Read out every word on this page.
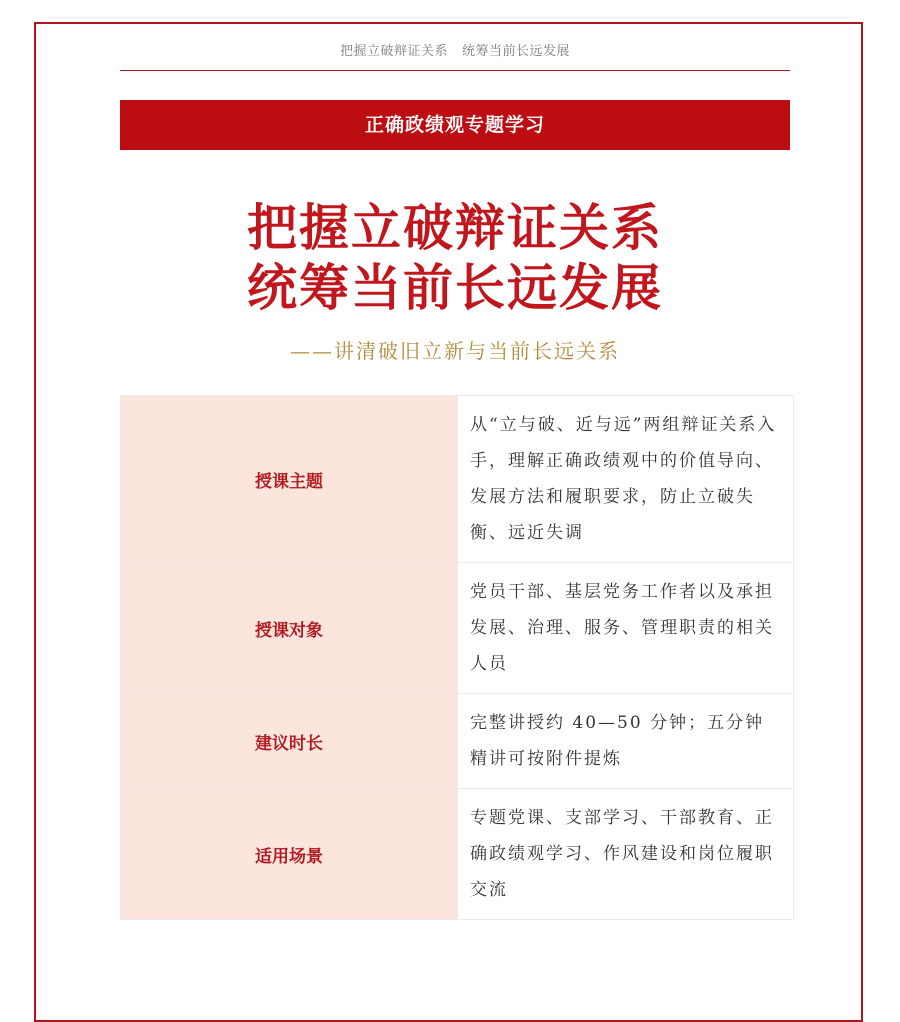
把握立破辩证关系 统筹当前长远发展
正确政绩观专题学习
把握立破辩证关系
统筹当前长远发展
——讲清破旧立新与当前长远关系
授课主题	从“立与破、近与远”两组辩证关系入手，理解正确政绩观中的价值导向、发展方法和履职要求，防止立破失衡、远近失调
授课对象	党员干部、基层党务工作者以及承担发展、治理、服务、管理职责的相关人员
建议时长	完整讲授约 40—50 分钟；五分钟精讲可按附件提炼
适用场景	专题党课、支部学习、干部教育、正确政绩观学习、作风建设和岗位履职交流
